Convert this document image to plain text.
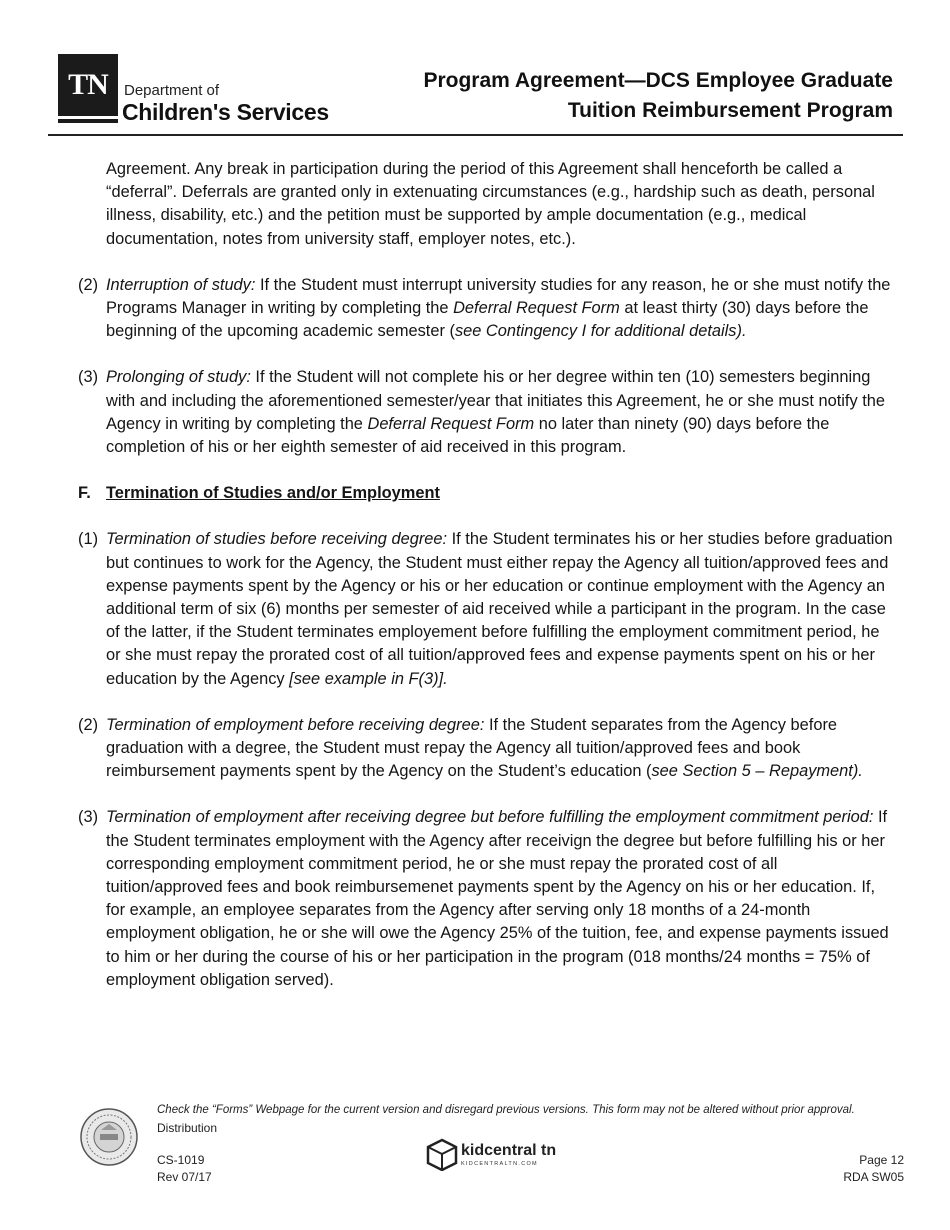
TN	Department of
Children's Services
Program Agreement—DCS Employee Graduate
Tuition Reimbursement Program

Agreement. Any break in participation during the period of this Agreement shall henceforth be called a “deferral”. Deferrals are granted only in extenuating circumstances (e.g., hardship such as death, personal illness, disability, etc.) and the petition must be supported by ample documentation (e.g., medical documentation, notes from university staff, employer notes, etc.).

(2) Interruption of study: If the Student must interrupt university studies for any reason, he or she must notify the Programs Manager in writing by completing the Deferral Request Form at least thirty (30) days before the beginning of the upcoming academic semester (see Contingency I for additional details).
(3) Prolonging of study: If the Student will not complete his or her degree within ten (10) semesters beginning with and including the aforementioned semester/year that initiates this Agreement, he or she must notify the Agency in writing by completing the Deferral Request Form no later than ninety (90) days before the completion of his or her eighth semester of aid received in this program.
F. Termination of Studies and/or Employment
(1) Termination of studies before receiving degree: If the Student terminates his or her studies before graduation but continues to work for the Agency, the Student must either repay the Agency all tuition/approved fees and expense payments spent by the Agency or his or her education or continue employment with the Agency an additional term of six (6) months per semester of aid received while a participant in the program. In the case of the latter, if the Student terminates employement before fulfilling the employment commitment period, he or she must repay the prorated cost of all tuition/approved fees and expense payments spent on his or her education by the Agency [see example in F(3)].
(2) Termination of employment before receiving degree: If the Student separates from the Agency before graduation with a degree, the Student must repay the Agency all tuition/approved fees and book reimbursement payments spent by the Agency on the Student’s education (see Section 5 – Repayment).
(3) Termination of employment after receiving degree but before fulfilling the employment commitment period: If the Student terminates employment with the Agency after receivign the degree but before fulfilling his or her corresponding employment commitment period, he or she must repay the prorated cost of all tuition/approved fees and book reimbursemenet payments spent by the Agency on his or her education. If, for example, an employee separates from the Agency after serving only 18 months of a 24-month employment obligation, he or she will owe the Agency 25% of the tuition, fee, and expense payments issued to him or her during the course of his or her participation in the program (018 months/24 months = 75% of employment obligation served).
Check the “Forms” Webpage for the current version and disregard previous versions. This form may not be altered without prior approval.
Distribution
CS-1019
Rev 07/17
kidcentral tn
KIDCENTRALTN.COM	Page 12
RDA SW05
